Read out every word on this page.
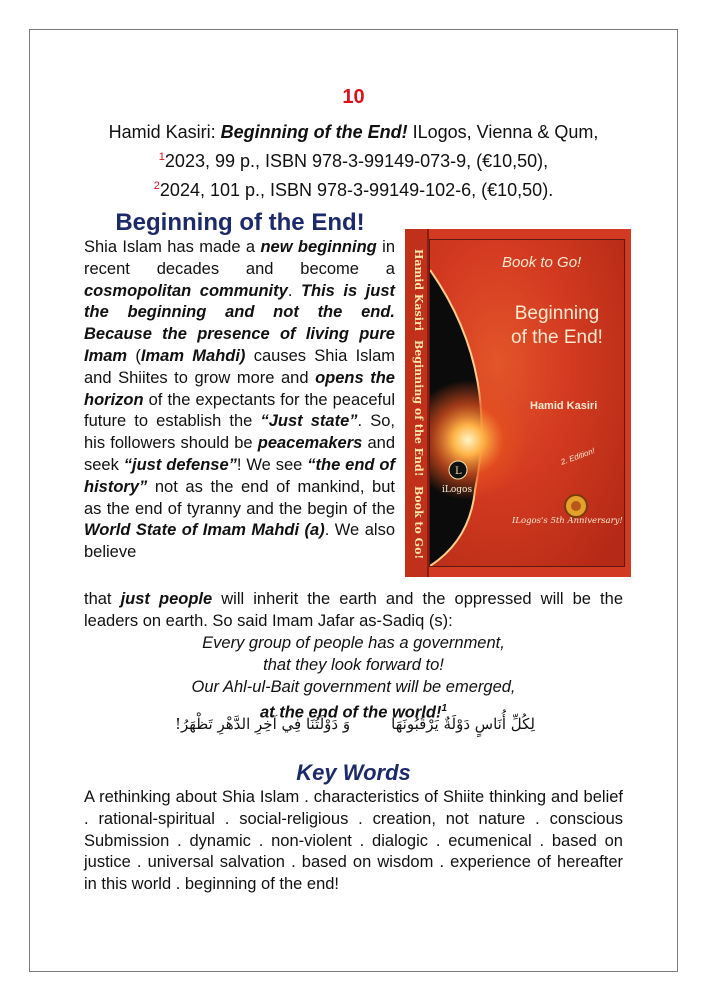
10
Hamid Kasiri: Beginning of the End! ILogos, Vienna & Qum, $^1$2023, 99 p., ISBN 978-3-99149-073-9, (€10,50),
$^2$2024, 101 p., ISBN 978-3-99149-102-6, (€10,50).
Beginning of the End!
Shia Islam has made a new beginning in recent decades and become a cosmopolitan community. This is just the beginning and not the end. Because the presence of living pure Imam (Imam Mahdi) causes Shia Islam and Shiites to grow more and opens the horizon of the expectants for the peaceful future to establish the “Just state”. So, his followers should be peacemakers and seek “just defense”! We see “the end of history” not as the end of mankind, but as the end of tyranny and the begin of the World State of Imam Mahdi (a). We also believe
Hamid Kasiri
Beginning of the End!
Book to Go!
L
Book to Go!
Beginning
of the End!
Hamid Kasiri
2. Edition!
iLogos
ILogos's 5th Anniversary!
that just people will inherit the earth and the oppressed will be the leaders on earth. So said Imam Jafar as-Sadiq (s):
Every group of people has a government,
that they look forward to!
Our Ahl-ul-Bait government will be emerged,
at the end of the world!$^1$
لِكُلِّ أُنَاسٍ دَوْلَةٌ يَرْقُبُونَهَا
وَ دَوْلَتُنَا فِي آخِرِ الدَّهْرِ تَظْهَرُ!
Key Words
A rethinking about Shia Islam . characteristics of Shiite thinking and belief . rational-spiritual . social-religious . creation, not nature . conscious Submission . dynamic . non-violent . dialogic . ecumenical . based on justice . universal salvation . based on wisdom . experience of hereafter in this world . beginning of the end!
